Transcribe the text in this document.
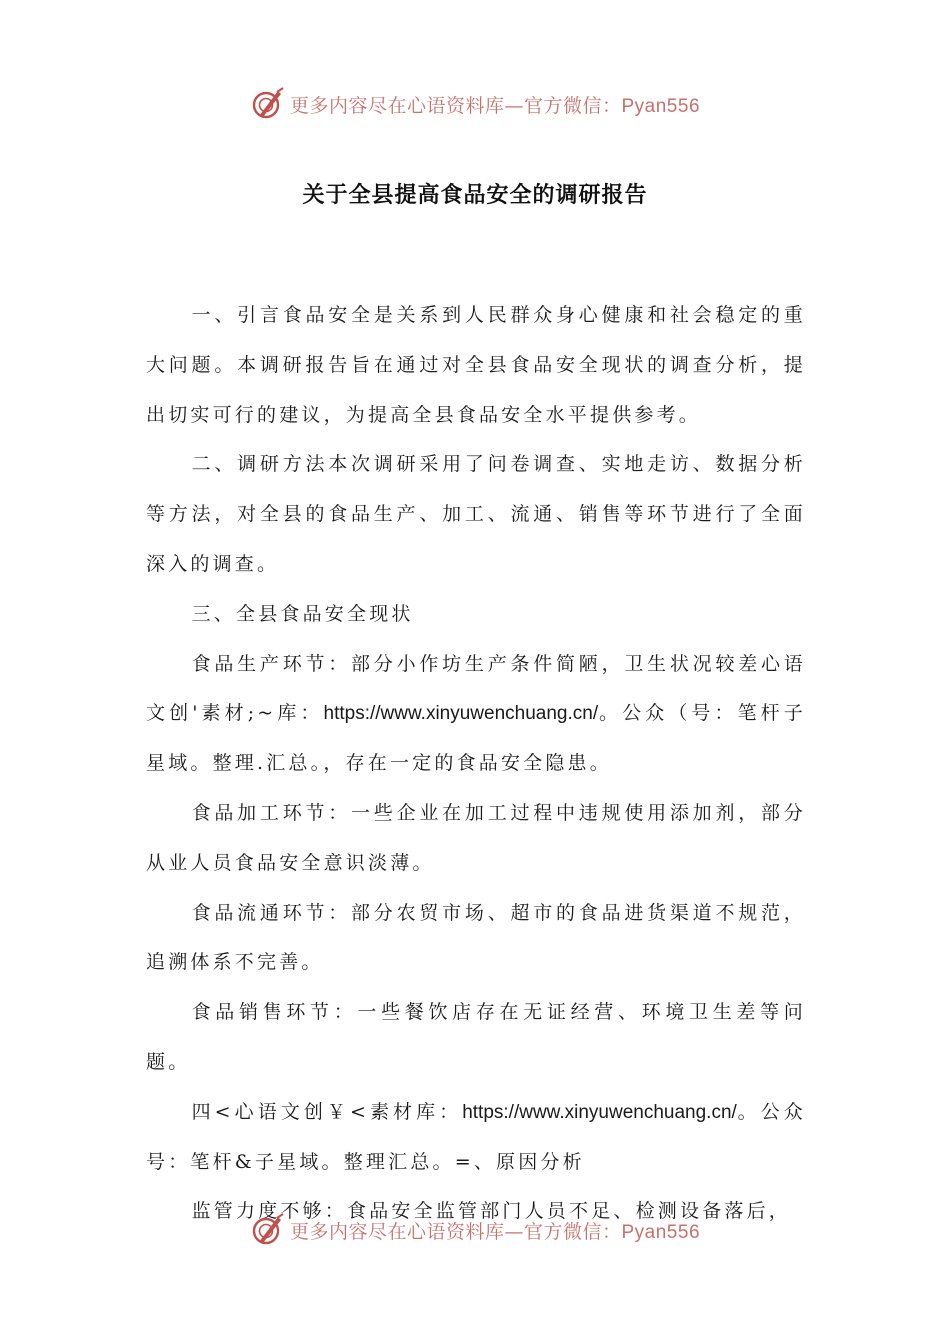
更多内容尽在心语资料库—官方微信：Pyan556
关于全县提高食品安全的调研报告

一、引言食品安全是关系到人民群众身心健康和社会稳定的重大问题。本调研报告旨在通过对全县食品安全现状的调查分析，提出切实可行的建议，为提高全县食品安全水平提供参考。

二、调研方法本次调研采用了问卷调查、实地走访、数据分析等方法，对全县的食品生产、加工、流通、销售等环节进行了全面深入的调查。

三、全县食品安全现状

食品生产环节：部分小作坊生产条件简陋，卫生状况较差心语文创'素材;~库：https://www.xinyuwenchuang.cn/。公众（号：笔杆子星域。整理.汇总。，存在一定的食品安全隐患。

食品加工环节：一些企业在加工过程中违规使用添加剂，部分从业人员食品安全意识淡薄。

食品流通环节：部分农贸市场、超市的食品进货渠道不规范，追溯体系不完善。

食品销售环节：一些餐饮店存在无证经营、环境卫生差等问题。

四<心语文创￥<素材库：https://www.xinyuwenchuang.cn/。公众号：笔杆&子星域。整理汇总。=、原因分析

监管力度不够：食品安全监管部门人员不足、检测设备落后，

更多内容尽在心语资料库—官方微信：Pyan556
